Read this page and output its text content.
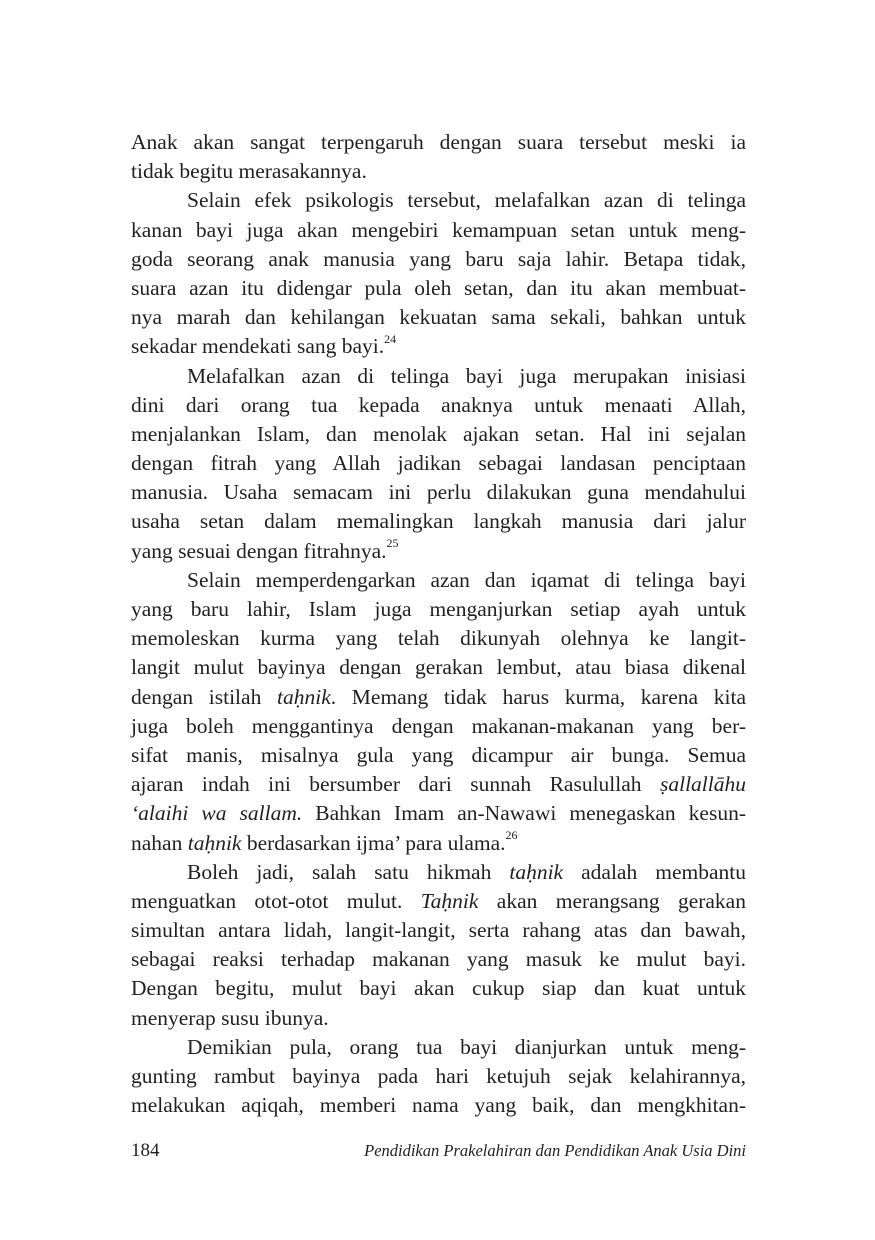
Anak akan sangat terpengaruh dengan suara tersebut meski ia
tidak begitu merasakannya.
Selain efek psikologis tersebut, melafalkan azan di telinga
kanan bayi juga akan mengebiri kemampuan setan untuk meng-
goda seorang anak manusia yang baru saja lahir. Betapa tidak,
suara azan itu didengar pula oleh setan, dan itu akan membuat-
nya marah dan kehilangan kekuatan sama sekali, bahkan untuk
sekadar mendekati sang bayi.$^{24}$
Melafalkan azan di telinga bayi juga merupakan inisiasi
dini dari orang tua kepada anaknya untuk menaati Allah,
menjalankan Islam, dan menolak ajakan setan. Hal ini sejalan
dengan fitrah yang Allah jadikan sebagai landasan penciptaan
manusia. Usaha semacam ini perlu dilakukan guna mendahului
usaha setan dalam memalingkan langkah manusia dari jalur
yang sesuai dengan fitrahnya.$^{25}$
Selain memperdengarkan azan dan iqamat di telinga bayi
yang baru lahir, Islam juga menganjurkan setiap ayah untuk
memoleskan kurma yang telah dikunyah olehnya ke langit-
langit mulut bayinya dengan gerakan lembut, atau biasa dikenal
dengan istilah taḥnik. Memang tidak harus kurma, karena kita
juga boleh menggantinya dengan makanan-makanan yang ber-
sifat manis, misalnya gula yang dicampur air bunga. Semua
ajaran indah ini bersumber dari sunnah Rasulullah ṣallallāhu
‘alaihi wa sallam. Bahkan Imam an-Nawawi menegaskan kesun-
nahan taḥnik berdasarkan ijma’ para ulama.$^{26}$
Boleh jadi, salah satu hikmah taḥnik adalah membantu
menguatkan otot-otot mulut. Taḥnik akan merangsang gerakan
simultan antara lidah, langit-langit, serta rahang atas dan bawah,
sebagai reaksi terhadap makanan yang masuk ke mulut bayi.
Dengan begitu, mulut bayi akan cukup siap dan kuat untuk
menyerap susu ibunya.
Demikian pula, orang tua bayi dianjurkan untuk meng-
gunting rambut bayinya pada hari ketujuh sejak kelahirannya,
melakukan aqiqah, memberi nama yang baik, dan mengkhitan-
184	Pendidikan Prakelahiran dan Pendidikan Anak Usia Dini
